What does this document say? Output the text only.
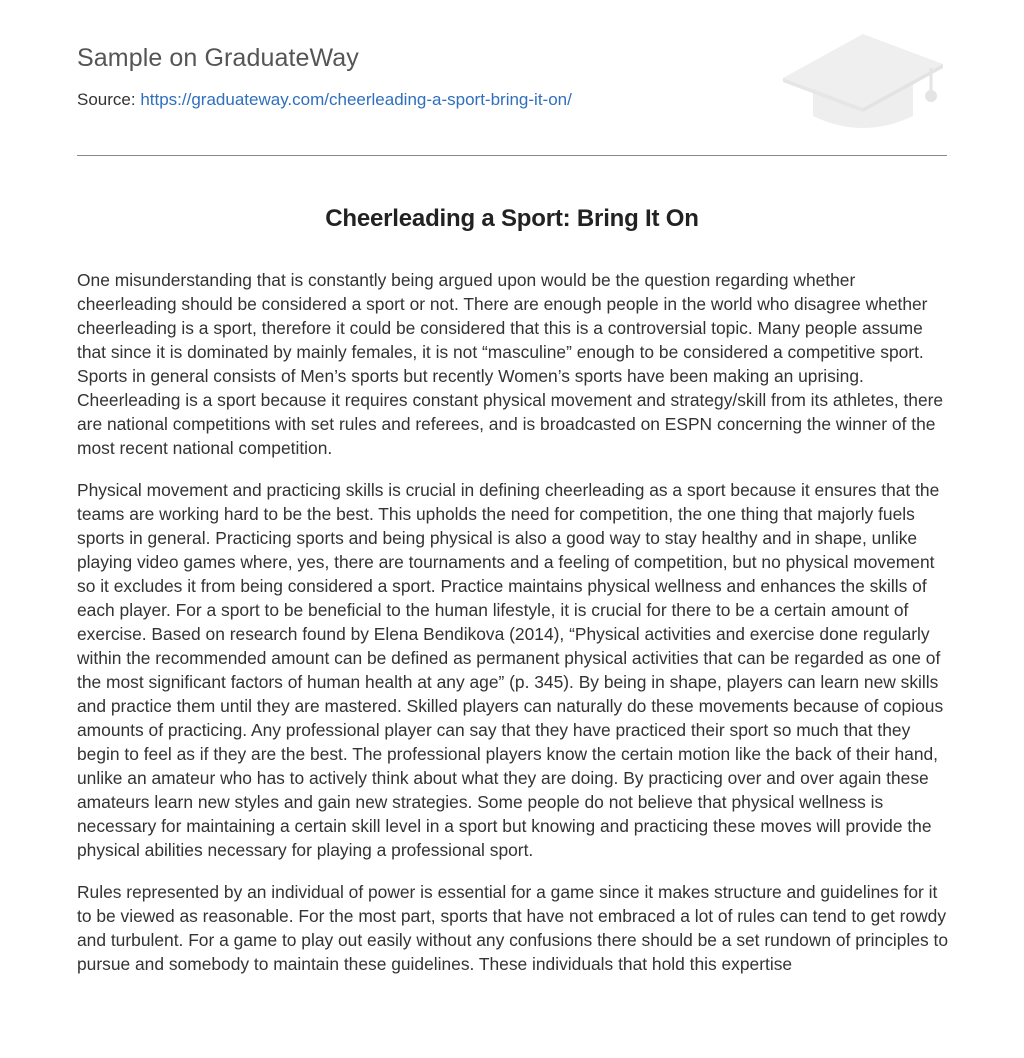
Sample on GraduateWay
Source: https://graduateway.com/cheerleading-a-sport-bring-it-on/
Cheerleading a Sport: Bring It On

One misunderstanding that is constantly being argued upon would be the question regarding whether cheerleading should be considered a sport or not. There are enough people in the world who disagree whether cheerleading is a sport, therefore it could be considered that this is a controversial topic. Many people assume that since it is dominated by mainly females, it is not “masculine” enough to be considered a competitive sport. Sports in general consists of Men’s sports but recently Women’s sports have been making an uprising. Cheerleading is a sport because it requires constant physical movement and strategy/skill from its athletes, there are national competitions with set rules and referees, and is broadcasted on ESPN concerning the winner of the most recent national competition.

Physical movement and practicing skills is crucial in defining cheerleading as a sport because it ensures that the teams are working hard to be the best. This upholds the need for competition, the one thing that majorly fuels sports in general. Practicing sports and being physical is also a good way to stay healthy and in shape, unlike playing video games where, yes, there are tournaments and a feeling of competition, but no physical movement so it excludes it from being considered a sport. Practice maintains physical wellness and enhances the skills of each player. For a sport to be beneficial to the human lifestyle, it is crucial for there to be a certain amount of exercise. Based on research found by Elena Bendikova (2014), “Physical activities and exercise done regularly within the recommended amount can be defined as permanent physical activities that can be regarded as one of the most significant factors of human health at any age” (p. 345). By being in shape, players can learn new skills and practice them until they are mastered. Skilled players can naturally do these movements because of copious amounts of practicing. Any professional player can say that they have practiced their sport so much that they begin to feel as if they are the best. The professional players know the certain motion like the back of their hand, unlike an amateur who has to actively think about what they are doing. By practicing over and over again these amateurs learn new styles and gain new strategies. Some people do not believe that physical wellness is necessary for maintaining a certain skill level in a sport but knowing and practicing these moves will provide the physical abilities necessary for playing a professional sport.

Rules represented by an individual of power is essential for a game since it makes structure and guidelines for it to be viewed as reasonable. For the most part, sports that have not embraced a lot of rules can tend to get rowdy and turbulent. For a game to play out easily without any confusions there should be a set rundown of principles to pursue and somebody to maintain these guidelines. These individuals that hold this expertise
